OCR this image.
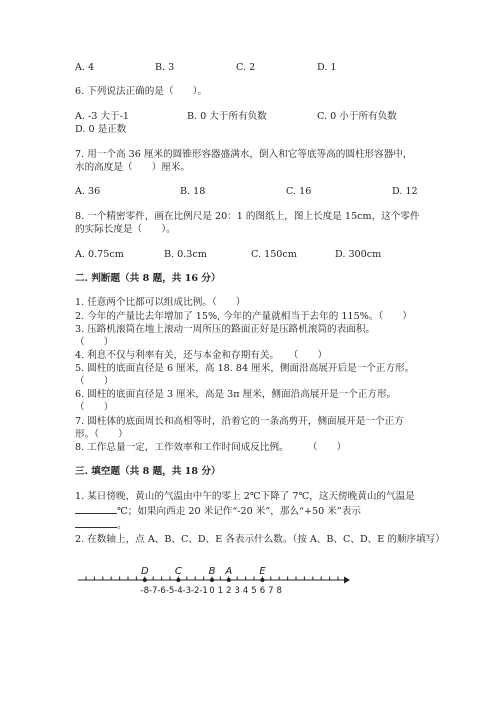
A. 4	B. 3	C. 2	D. 1
6. 下列说法正确的是（　　）。
A. -3 大于-1	B. 0 大于所有负数	C. 0 小于所有负数
D. 0 是正数
7. 用一个高 36 厘米的圆锥形容器盛满水，倒入和它等底等高的圆柱形容器中，
水的高度是（　　）厘米。
A. 36	B. 18	C. 16	D. 12
8. 一个精密零件，画在比例尺是 20：1 的图纸上，图上长度是 15cm，这个零件
的实际长度是（　　）。
A. 0.75cm	B. 0.3cm	C. 150cm	D. 300cm
二. 判断题（共 8 题，共 16 分）
1. 任意两个比都可以组成比例。（　　）
2. 今年的产量比去年增加了 15%, 今年的产量就相当于去年的 115%。（　　）
3. 压路机滚筒在地上滚动一周所压的路面正好是压路机滚筒的表面积。
（　　）
4. 利息不仅与利率有关，还与本金和存期有关。　　（　　）
5. 圆柱的底面直径是 6 厘米，高 18. 84 厘米，侧面沿高展开后是一个正方形。
（　　）
6. 圆柱的底面直径是 3 厘米，高是 3π 厘米，侧面沿高展开是一个正方形。
（　　）
7. 圆柱体的底面周长和高相等时，沿着它的一条高剪开，侧面展开是一个正方
形。（　　）
8. 工作总量一定，工作效率和工作时间成反比例。　　　（　　）
三. 填空题（共 8 题，共 18 分）
1. 某日傍晚，黄山的气温由中午的零上 2℃下降了 7℃，这天傍晚黄山的气温是
℃；如果向西走 20 米记作“-20 米”，那么“+50 米”表示
。
2. 在数轴上，点 A、B、C、D、E 各表示什么数。（按 A、B、C、D、E 的顺序填写）
-8 -7 -6 -5 -4 -3 -2 -1 0 1 2 3 4 5 6 7 8
D	C	B A	E
